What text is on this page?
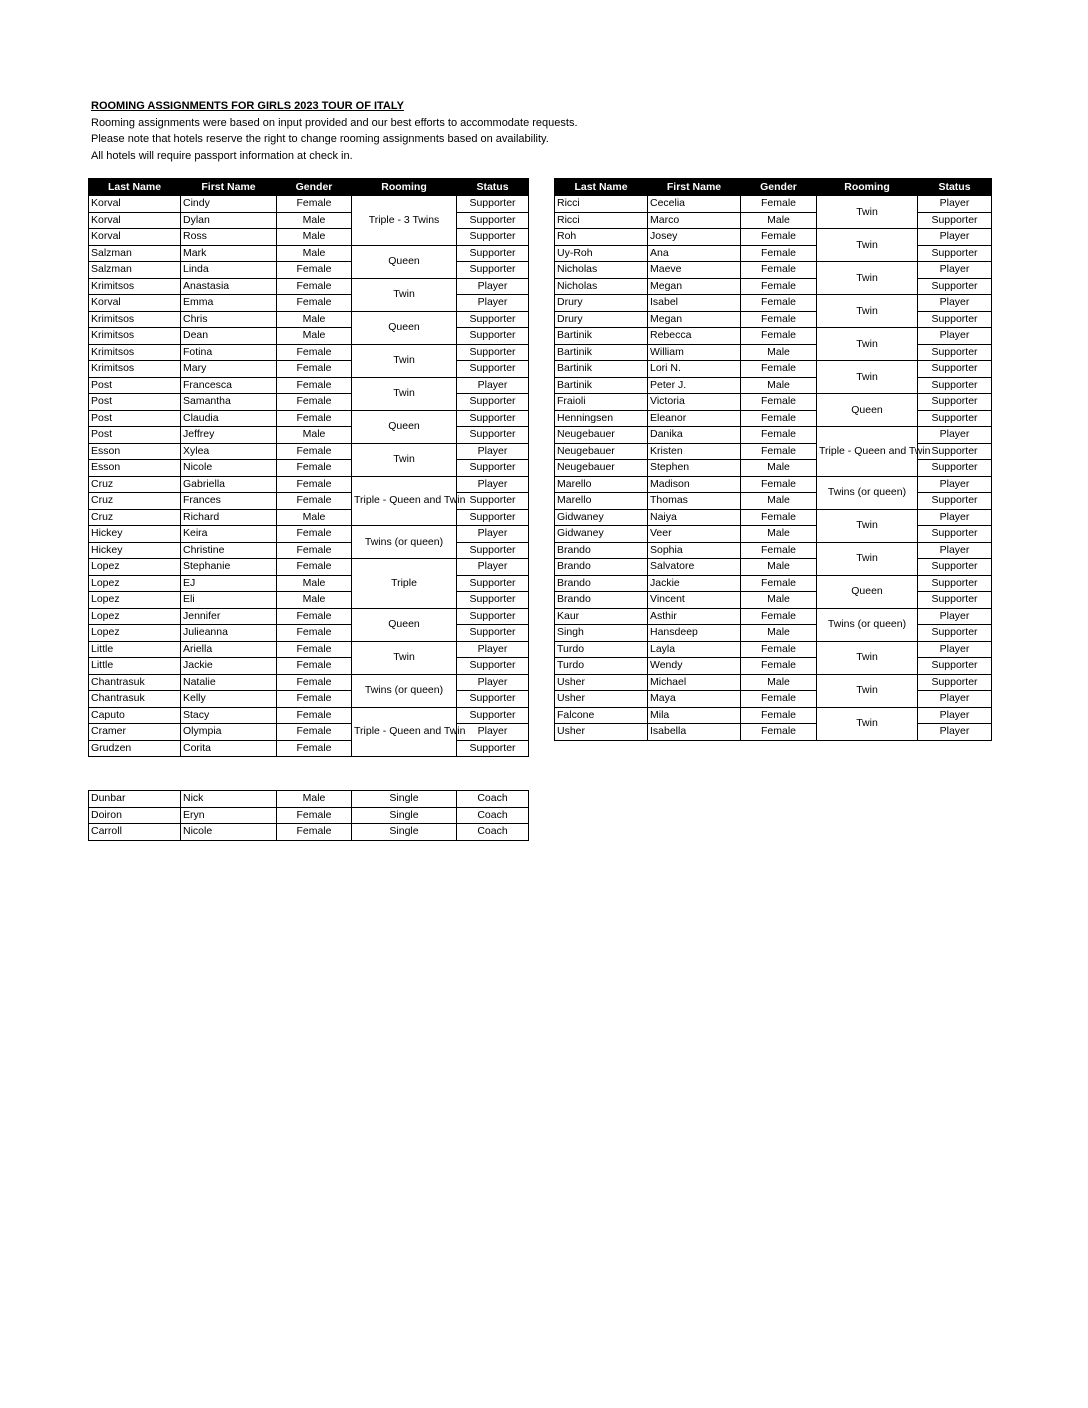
ROOMING ASSIGNMENTS FOR GIRLS 2023 TOUR OF ITALY
Rooming assignments were based on input provided and our best efforts to accommodate requests.
Please note that hotels reserve the right to change rooming assignments based on availability.
All hotels will require passport information at check in.
Last Name	First Name	Gender	Rooming	Status
Korval	Cindy	Female	Triple - 3 Twins	Supporter
Korval	Dylan	Male		Supporter
Korval	Ross	Male		Supporter
Salzman	Mark	Male	Queen	Supporter
Salzman	Linda	Female		Supporter
Krimitsos	Anastasia	Female	Twin	Player
Korval	Emma	Female		Player
Krimitsos	Chris	Male	Queen	Supporter
Krimitsos	Dean	Male		Supporter
Krimitsos	Fotina	Female	Twin	Supporter
Krimitsos	Mary	Female		Supporter
Post	Francesca	Female	Twin	Player
Post	Samantha	Female		Supporter
Post	Claudia	Female	Queen	Supporter
Post	Jeffrey	Male		Supporter
Esson	Xylea	Female	Twin	Player
Esson	Nicole	Female		Supporter
Cruz	Gabriella	Female	Triple - Queen and Twin	Player
Cruz	Frances	Female		Supporter
Cruz	Richard	Male		Supporter
Hickey	Keira	Female	Twins (or queen)	Player
Hickey	Christine	Female		Supporter
Lopez	Stephanie	Female	Triple	Player
Lopez	EJ	Male		Supporter
Lopez	Eli	Male		Supporter
Lopez	Jennifer	Female	Queen	Supporter
Lopez	Julieanna	Female		Supporter
Little	Ariella	Female	Twin	Player
Little	Jackie	Female		Supporter
Chantrasuk	Natalie	Female	Twins (or queen)	Player
Chantrasuk	Kelly	Female		Supporter
Caputo	Stacy	Female	Triple - Queen and Twin	Supporter
Cramer	Olympia	Female		Player
Grudzen	Corita	Female		Supporter
Last Name	First Name	Gender	Rooming	Status
Ricci	Cecelia	Female	Twin	Player
Ricci	Marco	Male		Supporter
Roh	Josey	Female	Twin	Player
Uy-Roh	Ana	Female		Supporter
Nicholas	Maeve	Female	Twin	Player
Nicholas	Megan	Female		Supporter
Drury	Isabel	Female	Twin	Player
Drury	Megan	Female		Supporter
Bartinik	Rebecca	Female	Twin	Player
Bartinik	William	Male		Supporter
Bartinik	Lori N.	Female	Twin	Supporter
Bartinik	Peter J.	Male		Supporter
Fraioli	Victoria	Female	Queen	Supporter
Henningsen	Eleanor	Female		Supporter
Neugebauer	Danika	Female	Triple - Queen and Twin	Player
Neugebauer	Kristen	Female		Supporter
Neugebauer	Stephen	Male		Supporter
Marello	Madison	Female	Twins (or queen)	Player
Marello	Thomas	Male		Supporter
Gidwaney	Naiya	Female	Twin	Player
Gidwaney	Veer	Male		Supporter
Brando	Sophia	Female	Twin	Player
Brando	Salvatore	Male		Supporter
Brando	Jackie	Female	Queen	Supporter
Brando	Vincent	Male		Supporter
Kaur	Asthir	Female	Twins (or queen)	Player
Singh	Hansdeep	Male		Supporter
Turdo	Layla	Female	Twin	Player
Turdo	Wendy	Female		Supporter
Usher	Michael	Male	Twin	Supporter
Usher	Maya	Female		Player
Falcone	Mila	Female	Twin	Player
Usher	Isabella	Female		Player
Dunbar	Nick	Male	Single	Coach
Doiron	Eryn	Female	Single	Coach
Carroll	Nicole	Female	Single	Coach
